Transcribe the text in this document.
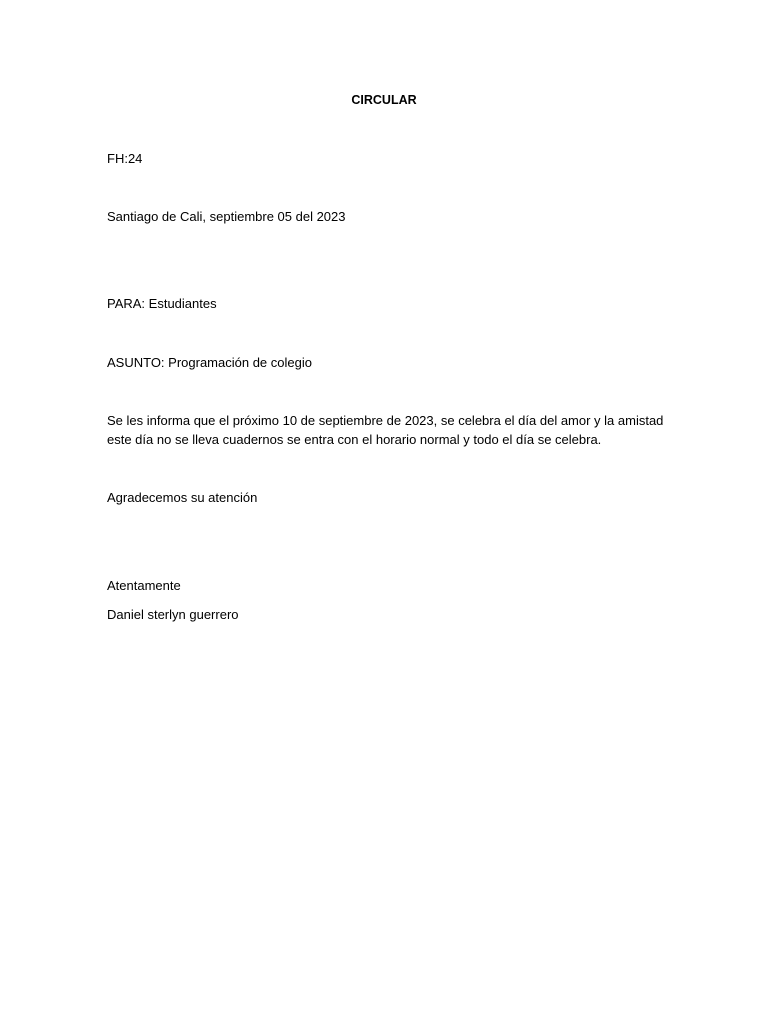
CIRCULAR
FH:24
Santiago de Cali, septiembre 05 del 2023
PARA: Estudiantes
ASUNTO: Programación de colegio
Se les informa que el próximo 10 de septiembre de 2023, se celebra el día del amor y la amistad
este día no se lleva cuadernos se entra con el horario normal y todo el día se celebra.
Agradecemos su atención
Atentamente
Daniel sterlyn guerrero
